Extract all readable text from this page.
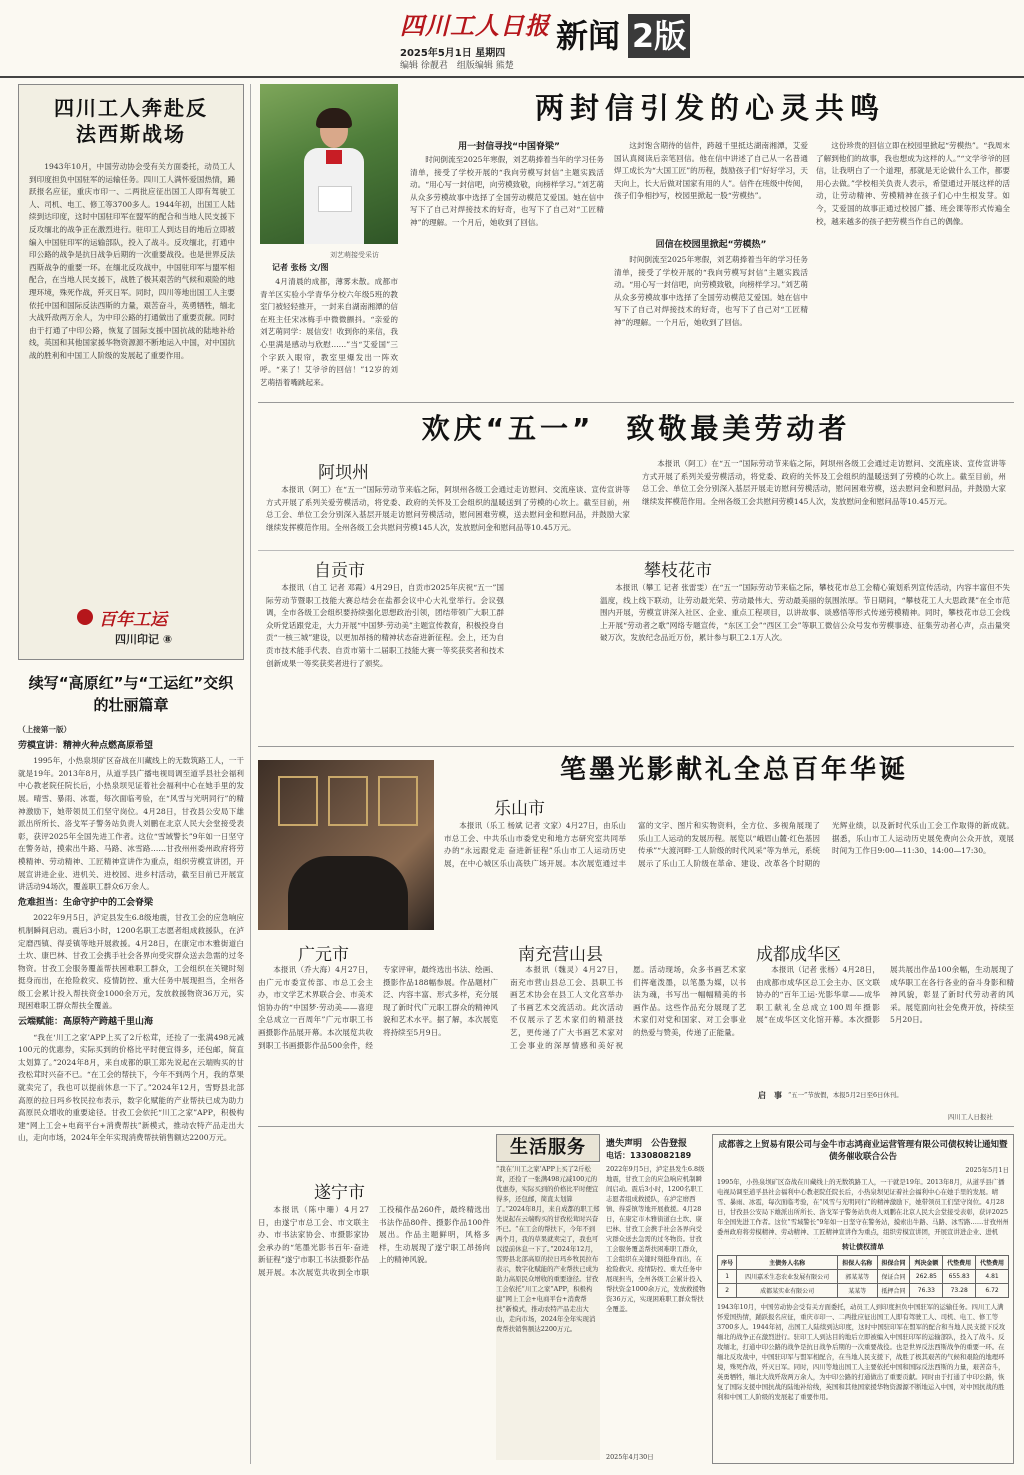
四川工人日报
2025年5月1日 星期四
编辑 徐靓君　组版编辑 熊楚
新闻 2版
四川工人奔赴反法西斯战场
1943年10月，中国劳动协会受有关方面委托，动员工人到印度担负中国驻军的运输任务。四川工人满怀爱国热情，踊跃报名应征，重庆市印一、二两批应征出国工人即有驾驶工人、司机、电工、修工等3700多人。1944年初，出国工人陆续到达印度，这时中国驻印军在盟军的配合和当地人民支援下反攻缅北的战争正在激烈进行。驻印工人到达目的地后立即被编入中国驻印军的运输部队，投入了战斗。反攻缅北，打通中印公路的战争是抗日战争后期的一次重要战役。也是世界反法西斯战争的重要一环。在缅北反攻战中，中国驻印军与盟军相配合，在当地人民支援下，战胜了极其艰苦的气候和艰险的地理环境，殊死作战，歼灭日军。同时，四川等地出国工人主要依托中国和国际反法西斯的力量，艰苦奋斗，英勇牺牲，缅北大战歼敌两万余人，为中印公路的打通做出了重要贡献。同时由于打通了中印公路，恢复了国际支援中国抗战的陆地补给线，英国和其他国家援华物资源源不断地运入中国，对中国抗战的胜利和中国工人阶级的发展起了重要作用。
百年工运
四川印记 ⑧
续写“高原红”与“工运红”交织的壮丽篇章
（上接第一版）
劳模宣讲：精神火种点燃高原希望

1995年，小热泉坝矿区奋战在川藏线上的无数筑路工人，一干就是19年。2013年8月，从道孚县广播电视局调至道孚县社会福利中心教老院任院长后，小热泉坝见证着社会福利中心在她手里的发展。晴雪、暴雨、冰雹，每次面临考验，在“风雪与光明同行”的精神激励下，她带领员工们坚守岗位。4月28日，甘孜县公安局下雄派出所所长、洛戈军子警务站负责人刘鹏在北京人民大会堂接受表彰，获评2025年全国先进工作者。这位“雪域警长”9年如一日坚守在警务站，摸索出牛路、马路、冰雪路……甘孜州州委州政府将劳模精神、劳动精神、工匠精神宣讲作为重点，组织劳模宣讲团，开展宣讲进企业、进机关、进校园、进乡村活动，截至目前已开展宣讲活动94场次，覆盖职工群众6万余人。

危难担当：生命守护中的工会脊梁

2022年9月5日，泸定县发生6.8级地震，甘孜工会的应急响应机制瞬间启动。震后3小时，1200名职工志愿者组成救援队，在泸定磨西镇、得妥镇等地开展救援。4月28日，在康定市木雅街道白土坎、康巴林、甘孜工会携手社会各界向受灾群众送去急需的过冬物资。甘孜工会服务覆盖帮扶困难职工群众，工会组织在关键时刻挺身而出，在抢险救灾、疫情防控、重大任务中展现担当，全州各级工会累计投入帮扶资金1000余万元，发放救援物资36万元，实现困难职工群众帮扶全覆盖。

云端赋能：高原特产跨越千里山海

“我在‘川工之家’APP上买了2斤松茸，还捡了一张满498元减100元的优惠券，实际买到的价格比平时便宜得多，还包邮，简直太划算了。”2024年8月，来自成都的职工郑先说起在云端购买的甘孜松茸时兴奋不已。“在工会的帮扶下，今年不到两个月，我的草果就卖完了，我也可以提前休息一下了。”2024年12月，雪野县北部高原的拉日玛乡牧民拉布表示，数字化赋能的产业帮扶已成为助力高原民众增收的重要途径。甘孜工会依托“川工之家”APP，积极构建“网上工会+电商平台+消费帮扶”新模式，推动农特产品走出大山，走向市场，2024年全年实现消费帮扶销售额达2200万元。

刘艺萌接受采访
记者 张杨 文/图
4月清晨的成都，薄雾未散。成都市青羊区实验小学青华分校六年级5班的教室门被轻轻推开，一封来自湖南湘潭的信在班主任宋冰梅手中微微颤抖。“亲爱的刘艺萌同学：展信安！收到你的来信，我心里满是感动与欣慰……”当“艾爱国”三个字跃入眼帘，教室里爆发出一阵欢呼。“来了！艾爷爷的回信！”12岁的刘艺萌捂着嘴跳起来。
两封信引发的心灵共鸣
用一封信寻找“中国脊梁”
时间倒流至2025年寒假，刘艺萌捧着当年的学习任务清单，接受了学校开展的“我向劳模写封信”主题实践活动。“用心写一封信吧，向劳模致敬，向榜样学习。”刘艺萌从众多劳模故事中选择了全国劳动模范艾爱国。她在信中写下了自己对焊接技术的好奇，也写下了自己对“工匠精神”的理解。一个月后，她收到了回信。
回信在校园里掀起“劳模热”
这封饱含期待的信件，跨越千里抵达湖南湘潭，艾爱国认真阅读后亲笔回信。他在信中讲述了自己从一名普通焊工成长为“大国工匠”的历程，鼓励孩子们“好好学习，天天向上，长大后做对国家有用的人”。信件在班级中传阅，孩子们争相抄写，校园里掀起一股“劳模热”。
时间倒流至2025年寒假，刘艺萌捧着当年的学习任务清单，接受了学校开展的“我向劳模写封信”主题实践活动。“用心写一封信吧，向劳模致敬，向榜样学习。”刘艺萌从众多劳模故事中选择了全国劳动模范艾爱国。她在信中写下了自己对焊接技术的好奇，也写下了自己对“工匠精神”的理解。一个月后，她收到了回信。
这份珍贵的回信立即在校园里掀起“劳模热”。“我周末了解到他们的故事，我也想成为这样的人。”“文学爷爷的回信，让我明白了一个道理，那就是无论做什么工作，都要用心去做。”学校相关负责人表示，希望通过开展这样的活动，让劳动精神、劳模精神在孩子们心中生根发芽。如今，艾爱国的故事正通过校园广播、班会课等形式传遍全校，越来越多的孩子把劳模当作自己的偶像。
欢庆“五一”　致敬最美劳动者
阿坝州
本报讯（阿工）在“五一”国际劳动节来临之际，阿坝州各级工会通过走访慰问、交流座谈、宣传宣讲等方式开展了系列关爱劳模活动，将党委、政府的关怀及工会组织的温暖送到了劳模的心坎上。截至目前，州总工会、单位工会分别深入基层开展走访慰问劳模活动，慰问困难劳模，送去慰问金和慰问品，并鼓励大家继续发挥模范作用。全州各级工会共慰问劳模145人次，发放慰问金和慰问品等10.45万元。
本报讯（阿工）在“五一”国际劳动节来临之际，阿坝州各级工会通过走访慰问、交流座谈、宣传宣讲等方式开展了系列关爱劳模活动，将党委、政府的关怀及工会组织的温暖送到了劳模的心坎上。截至目前，州总工会、单位工会分别深入基层开展走访慰问劳模活动，慰问困难劳模，送去慰问金和慰问品，并鼓励大家继续发挥模范作用。全州各级工会共慰问劳模145人次，发放慰问金和慰问品等10.45万元。
自贡市
本报讯（自工 记者 邓霞）4月29日，自贡市2025年庆祝“五一”国际劳动节暨职工技能大赛总结会在盐都会议中心大礼堂举行。会议强调，全市各级工会组织要持续强化思想政治引领，团结带领广大职工群众听党话跟党走，大力开展“中国梦·劳动美”主题宣传教育，积极投身自贡“一核三城”建设，以更加昂扬的精神状态奋进新征程。会上，还为自贡市技术能手代表、自贡市第十二届职工技能大赛一等奖获奖者和技术创新成果一等奖获奖者进行了颁奖。
攀枝花市
本报讯（攀工 记者 张雷雯）在“五一”国际劳动节来临之际，攀枝花市总工会精心策划系列宣传活动，内容丰富但不失温度，线上线下联动，让劳动最光荣、劳动最伟大、劳动最美丽的氛围浓厚。节日期间，“攀枝花工人大思政课”在全市范围内开展，劳模宣讲深入社区、企业、重点工程项目，以讲故事、谈感悟等形式传递劳模精神。同时，攀枝花市总工会线上开展“劳动者之歌”网络专题宣传，“东区工会”“西区工会”等职工微信公众号发布劳模事迹、征集劳动者心声，点击量突破万次，发放纪念品近万份，累计参与职工2.1万人次。
笔墨光影献礼全总百年华诞
乐山市
本报讯（乐工 杨斌 记者 文家）4月27日，由乐山市总工会、中共乐山市委党史和地方志研究室共同举办的“永远跟党走 奋进新征程”乐山市工人运动历史展，在中心城区乐山高铁广场开展。本次展览通过丰富的文字、图片和实物资料，全方位、多视角展现了乐山工人运动的发展历程。展览以“峨眉山麓·红色基因传承”“大渡河畔·工人阶级的时代风采”等为单元，系统展示了乐山工人阶级在革命、建设、改革各个时期的光辉业绩，以及新时代乐山工会工作取得的新成就。据悉，乐山市工人运动历史展免费向公众开放，观展时间为工作日9:00—11:30、14:00—17:30。
广元市
本报讯（乔大海）4月27日，由广元市委宣传部、市总工会主办，市文学艺术界联合会、市美术馆协办的“中国梦·劳动美——喜迎全总成立一百周年”广元市职工书画摄影作品展开幕。本次展览共收到职工书画摄影作品500余件，经专家评审，最终选出书法、绘画、摄影作品188幅参展。作品题材广泛、内容丰富、形式多样，充分展现了新时代广元职工群众的精神风貌和艺术水平。据了解，本次展览将持续至5月9日。
南充营山县
本报讯（魏灵）4月27日，南充市营山县总工会、县职工书画艺术协会在县工人文化宫举办了书画艺术交流活动。此次活动不仅展示了艺术家们的精湛技艺，更传递了广大书画艺术家对工会事业的深厚情感和美好祝愿。活动现场，众多书画艺术家们挥毫泼墨，以笔墨为媒，以书法为魂，书写出一幅幅精美的书画作品。这些作品充分展现了艺术家们对党和国家、对工会事业的热爱与赞美，传递了正能量。
成都成华区
本报讯（记者 张杨）4月28日，由成都市成华区总工会主办、区文联协办的“百年工运·光影华章——成华职工献礼全总成立100周年摄影展”在成华区文化馆开幕。本次摄影展共展出作品100余幅，生动展现了成华职工在各行各业的奋斗身影和精神风貌，彰显了新时代劳动者的风采。展览面向社会免费开放，持续至5月20日。
启　事 “五一”节放假，本报5月2日至6日休刊。
四川工人日报社
遂宁市
本报讯（陈中珊）4月27日，由遂宁市总工会、市文联主办、市书法家协会、市摄影家协会承办的“笔墨光影书百年·奋进新征程”遂宁市职工书法摄影作品展开展。本次展览共收到全市职工投稿作品260件，最终精选出书法作品80件、摄影作品100件展出。作品主题鲜明，风格多样，生动展现了遂宁职工昂扬向上的精神风貌。
生活服务
“我在‘川工之家’APP上买了2斤松茸，还捡了一张满498元减100元的优惠券，实际买到的价格比平时便宜得多，还包邮，简直太划算了。”2024年8月，来自成都的职工郑先说起在云端购买的甘孜松茸时兴奋不已。“在工会的帮扶下，今年不到两个月，我的草果就卖完了，我也可以提前休息一下了。”2024年12月，雪野县北部高原的拉日玛乡牧民拉布表示，数字化赋能的产业帮扶已成为助力高原民众增收的重要途径。甘孜工会依托“川工之家”APP，积极构建“网上工会+电商平台+消费帮扶”新模式，推动农特产品走出大山，走向市场，2024年全年实现消费帮扶销售额达2200万元。
遗失声明　公告登报
电话：13308082189
2022年9月5日，泸定县发生6.8级地震，甘孜工会的应急响应机制瞬间启动。震后3小时，1200名职工志愿者组成救援队，在泸定磨西镇、得妥镇等地开展救援。4月28日，在康定市木雅街道白土坎、康巴林、甘孜工会携手社会各界向受灾群众送去急需的过冬物资。甘孜工会服务覆盖帮扶困难职工群众，工会组织在关键时刻挺身而出，在抢险救灾、疫情防控、重大任务中展现担当，全州各级工会累计投入帮扶资金1000余万元，发放救援物资36万元，实现困难职工群众帮扶全覆盖。
成都蓉之上贸易有限公司与金牛市志鸿商业运营管理有限公司债权转让通知暨债务催收联合公告
2025年5月1日
1995年，小热泉坝矿区奋战在川藏线上的无数筑路工人，一干就是19年。2013年8月，从道孚县广播电视局调至道孚县社会福利中心教老院任院长后，小热泉坝见证着社会福利中心在她手里的发展。晴雪、暴雨、冰雹，每次面临考验，在“风雪与光明同行”的精神激励下，她带领员工们坚守岗位。4月28日，甘孜县公安局下雄派出所所长、洛戈军子警务站负责人刘鹏在北京人民大会堂接受表彰，获评2025年全国先进工作者。这位“雪域警长”9年如一日坚守在警务站，摸索出牛路、马路、冰雪路……甘孜州州委州政府将劳模精神、劳动精神、工匠精神宣讲作为重点，组织劳模宣讲团，开展宣讲进企业、进机
转让债权清单
序号	主债务人名称	担保人名称	担保合同	判决金额	代垫费用	代垫费用
1	四川嘉禾生态农业发展有限公司	郭某某等	保证合同	262.85	655.83	4.81
2	成都某实业有限公司	某某等	抵押合同	76.33	73.28	6.72
1943年10月，中国劳动协会受有关方面委托，动员工人到印度担负中国驻军的运输任务。四川工人满怀爱国热情，踊跃报名应征，重庆市印一、二两批应征出国工人即有驾驶工人、司机、电工、修工等3700多人。1944年初，出国工人陆续到达印度，这时中国驻印军在盟军的配合和当地人民支援下反攻缅北的战争正在激烈进行。驻印工人到达目的地后立即被编入中国驻印军的运输部队，投入了战斗。反攻缅北，打通中印公路的战争是抗日战争后期的一次重要战役。也是世界反法西斯战争的重要一环。在缅北反攻战中，中国驻印军与盟军相配合，在当地人民支援下，战胜了极其艰苦的气候和艰险的地理环境，殊死作战，歼灭日军。同时，四川等地出国工人主要依托中国和国际反法西斯的力量，艰苦奋斗，英勇牺牲，缅北大战歼敌两万余人，为中印公路的打通做出了重要贡献。同时由于打通了中印公路，恢复了国际支援中国抗战的陆地补给线，英国和其他国家援华物资源源不断地运入中国，对中国抗战的胜利和中国工人阶级的发展起了重要作用。
2025年4月30日
